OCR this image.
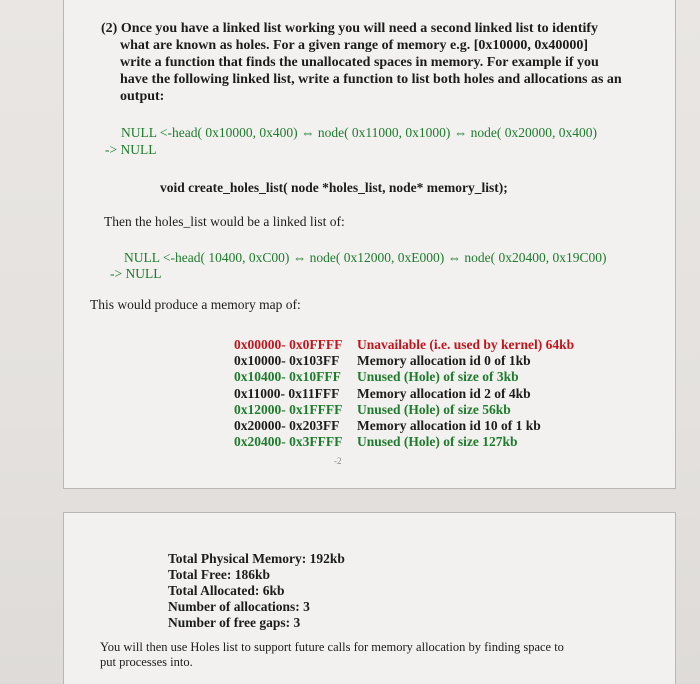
(2) Once you have a linked list working you will need a second linked list to identify
what are known as holes. For a given range of memory e.g. [0x10000, 0x40000]
write a function that finds the unallocated spaces in memory. For example if you
have the following linked list, write a function to list both holes and allocations as an
output:
NULL <-head( 0x10000, 0x400) ⇔ node( 0x11000, 0x1000) ⇔ node( 0x20000, 0x400)
-> NULL
void create_holes_list( node *holes_list, node* memory_list);
Then the holes_list would be a linked list of:
NULL <-head( 10400, 0xC00) ⇔ node( 0x12000, 0xE000) ⇔ node( 0x20400, 0x19C00)
-> NULL
This would produce a memory map of:
0x00000- 0x0FFFF Unavailable (i.e. used by kernel) 64kb
0x10000- 0x103FF Memory allocation id 0 of 1kb
0x10400- 0x10FFF Unused (Hole) of size of 3kb
0x11000- 0x11FFF Memory allocation id 2 of 4kb
0x12000- 0x1FFFF Unused (Hole) of size 56kb
0x20000- 0x203FF Memory allocation id 10 of 1 kb
0x20400- 0x3FFFF Unused (Hole) of size 127kb
-2
Total Physical Memory: 192kb
Total Free: 186kb
Total Allocated: 6kb
Number of allocations: 3
Number of free gaps: 3
You will then use Holes list to support future calls for memory allocation by finding space to
put processes into.
